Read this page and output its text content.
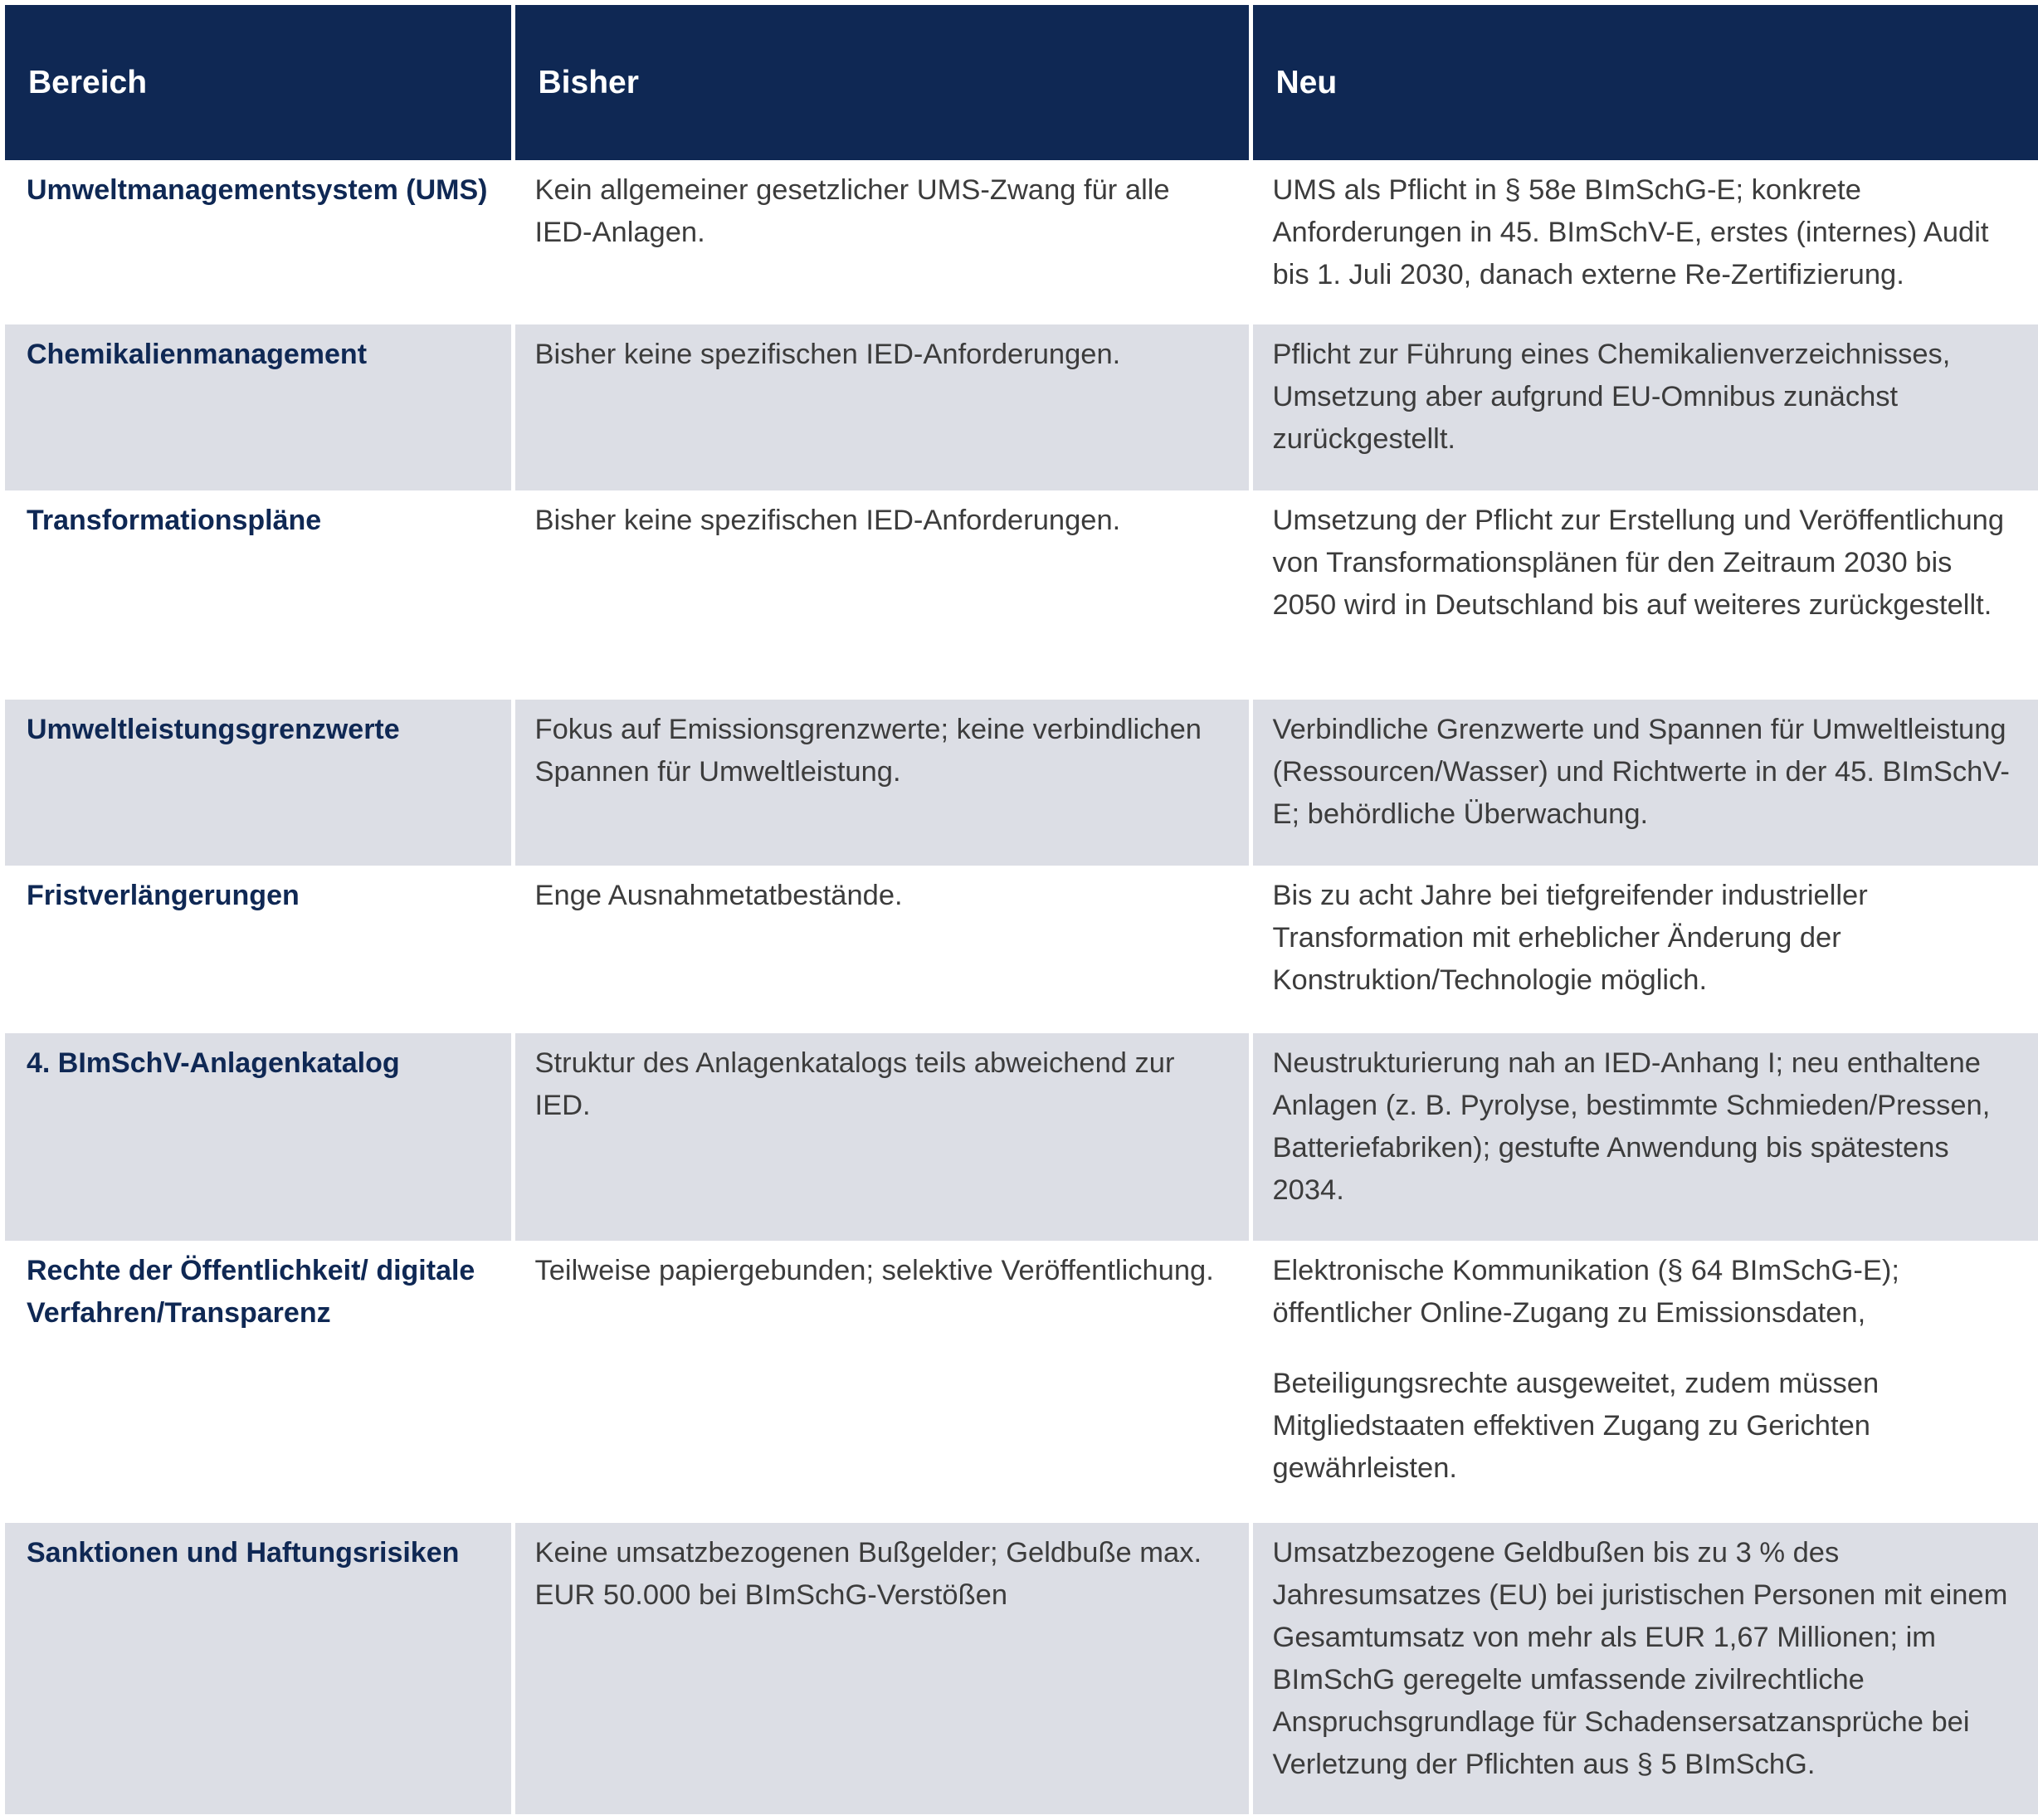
Bereich	Bisher	Neu
Umweltmanagementsystem (UMS)	Kein allgemeiner gesetzlicher UMS-Zwang für alle IED-Anlagen.	UMS als Pflicht in § 58e BImSchG-E; konkrete Anforderungen in 45. BImSchV-E, erstes (internes) Audit bis 1. Juli 2030, danach externe Re-Zertifizierung.

Chemikalienmanagement	Bisher keine spezifischen IED-Anforderungen.	Pflicht zur Führung eines Chemikalienverzeichnisses, Umsetzung aber aufgrund EU-Omnibus zunächst zurückgestellt.

Transformationspläne	Bisher keine spezifischen IED-Anforderungen.	Umsetzung der Pflicht zur Erstellung und Veröffentlichung von Transformationsplänen für den Zeitraum 2030 bis 2050 wird in Deutschland bis auf weiteres zurückgestellt.

Umweltleistungsgrenzwerte	Fokus auf Emissionsgrenzwerte; keine verbindlichen Spannen für Umweltleistung.	Verbindliche Grenzwerte und Spannen für Umweltleistung (Ressourcen/Wasser) und Richtwerte in der 45. BImSchV-E; behördliche Überwachung.

Fristverlängerungen	Enge Ausnahmetatbestände.	Bis zu acht Jahre bei tiefgreifender industrieller Transformation mit erheblicher Änderung der Konstruktion/Technologie möglich.

4. BImSchV-Anlagenkatalog	Struktur des Anlagenkatalogs teils abweichend zur IED.	Neustrukturierung nah an IED-Anhang I; neu enthaltene Anlagen (z. B. Pyrolyse, bestimmte Schmieden/Pressen, Batteriefabriken); gestufte Anwendung bis spätestens 2034.

Rechte der Öffentlichkeit/ digitale Verfahren/Transparenz	Teilweise papiergebunden; selektive Veröffentlichung.	Elektronische Kommunikation (§ 64 BImSchG-E); öffentlicher Online-Zugang zu Emissionsdaten,
Beteiligungsrechte ausgeweitet, zudem müssen Mitgliedstaaten effektiven Zugang zu Gerichten gewährleisten.

Sanktionen und Haftungsrisiken	Keine umsatzbezogenen Bußgelder; Geldbuße max. EUR 50.000 bei BImSchG-Verstößen	Umsatzbezogene Geldbußen bis zu 3 % des Jahresumsatzes (EU) bei juristischen Personen mit einem Gesamtumsatz von mehr als EUR 1,67 Millionen; im BImSchG geregelte umfassende zivilrechtliche Anspruchsgrundlage für Schadensersatzansprüche bei Verletzung der Pflichten aus § 5 BImSchG.
